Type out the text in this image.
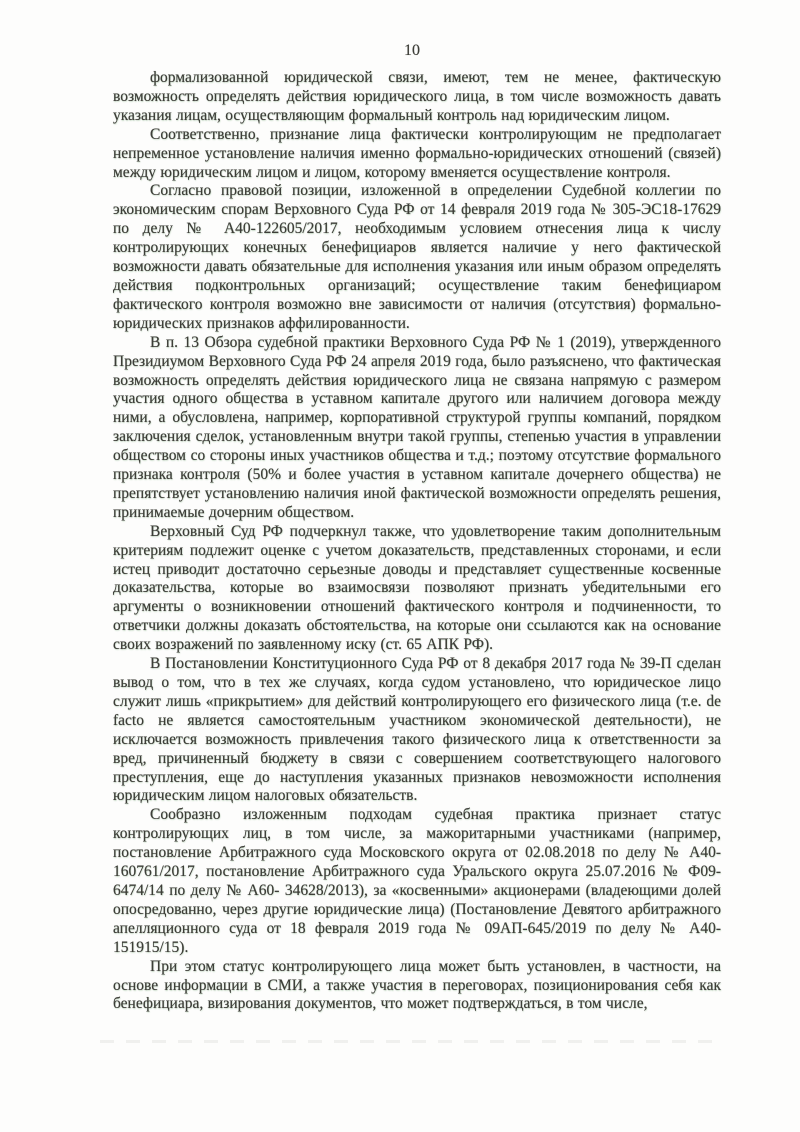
10

формализованной юридической связи, имеют, тем не менее, фактическую возможность определять действия юридического лица, в том числе возможность давать указания лицам, осуществляющим формальный контроль над юридическим лицом.

Соответственно, признание лица фактически контролирующим не предполагает непременное установление наличия именно формально-юридических отношений (связей) между юридическим лицом и лицом, которому вменяется осуществление контроля.

Согласно правовой позиции, изложенной в определении Судебной коллегии по экономическим спорам Верховного Суда РФ от 14 февраля 2019 года № 305-ЭС18-17629 по делу № А40-122605/2017, необходимым условием отнесения лица к числу контролирующих конечных бенефициаров является наличие у него фактической возможности давать обязательные для исполнения указания или иным образом определять действия подконтрольных организаций; осуществление таким бенефициаром фактического контроля возможно вне зависимости от наличия (отсутствия) формально-юридических признаков аффилированности.

В п. 13 Обзора судебной практики Верховного Суда РФ № 1 (2019), утвержденного Президиумом Верховного Суда РФ 24 апреля 2019 года, было разъяснено, что фактическая возможность определять действия юридического лица не связана напрямую с размером участия одного общества в уставном капитале другого или наличием договора между ними, а обусловлена, например, корпоративной структурой группы компаний, порядком заключения сделок, установленным внутри такой группы, степенью участия в управлении обществом со стороны иных участников общества и т.д.; поэтому отсутствие формального признака контроля (50% и более участия в уставном капитале дочернего общества) не препятствует установлению наличия иной фактической возможности определять решения, принимаемые дочерним обществом.

Верховный Суд РФ подчеркнул также, что удовлетворение таким дополнительным критериям подлежит оценке с учетом доказательств, представленных сторонами, и если истец приводит достаточно серьезные доводы и представляет существенные косвенные доказательства, которые во взаимосвязи позволяют признать убедительными его аргументы о возникновении отношений фактического контроля и подчиненности, то ответчики должны доказать обстоятельства, на которые они ссылаются как на основание своих возражений по заявленному иску (ст. 65 АПК РФ).

В Постановлении Конституционного Суда РФ от 8 декабря 2017 года № 39-П сделан вывод о том, что в тех же случаях, когда судом установлено, что юридическое лицо служит лишь «прикрытием» для действий контролирующего его физического лица (т.е. de facto не является самостоятельным участником экономической деятельности), не исключается возможность привлечения такого физического лица к ответственности за вред, причиненный бюджету в связи с совершением соответствующего налогового преступления, еще до наступления указанных признаков невозможности исполнения юридическим лицом налоговых обязательств.

Сообразно изложенным подходам судебная практика признает статус контролирующих лиц, в том числе, за мажоритарными участниками (например, постановление Арбитражного суда Московского округа от 02.08.2018 по делу № А40-160761/2017, постановление Арбитражного суда Уральского округа 25.07.2016 № Ф09-6474/14 по делу № А60- 34628/2013), за «косвенными» акционерами (владеющими долей опосредованно, через другие юридические лица) (Постановление Девятого арбитражного апелляционного суда от 18 февраля 2019 года № 09АП-645/2019 по делу № А40-151915/15).

При этом статус контролирующего лица может быть установлен, в частности, на основе информации в СМИ, а также участия в переговорах, позиционирования себя как бенефициара, визирования документов, что может подтверждаться, в том числе,
